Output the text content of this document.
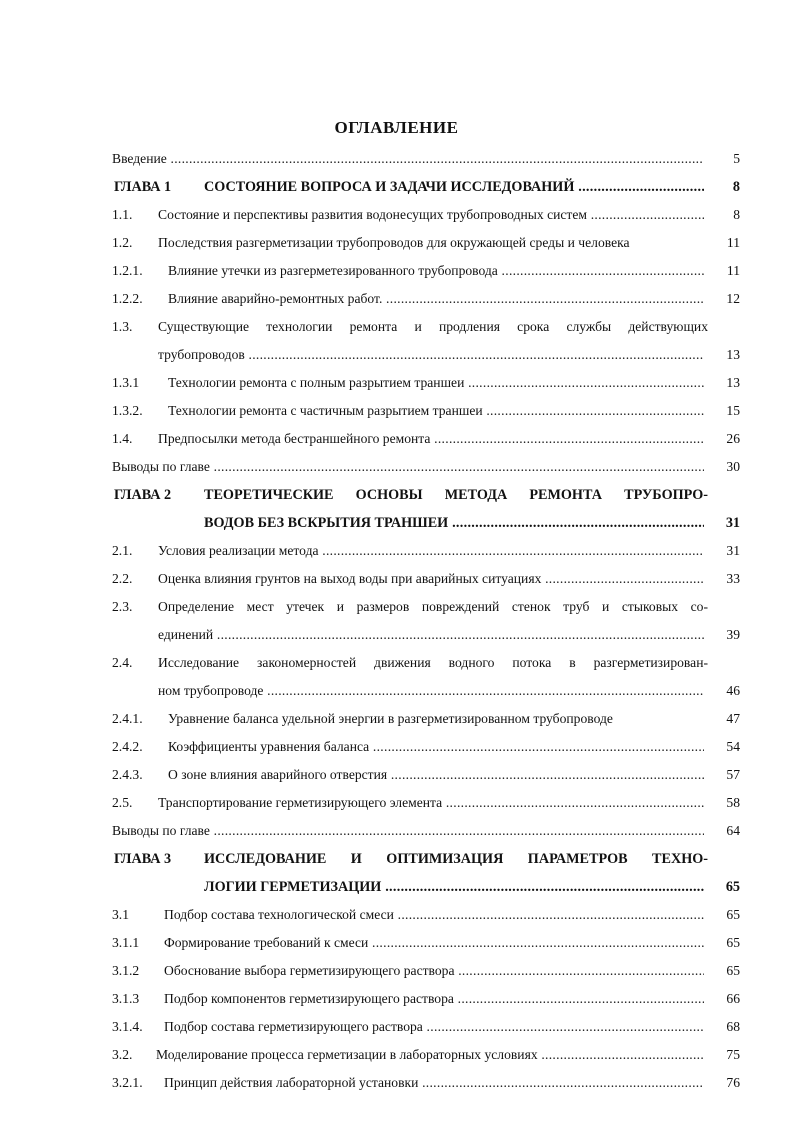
ОГЛАВЛЕНИЕ
Введение .....	5
ГЛАВА 1 СОСТОЯНИЕ ВОПРОСА И ЗАДАЧИ ИССЛЕДОВАНИЙ .....	8
1.1. Состояние и перспективы развития водонесущих трубопроводных систем .....	8
1.2. Последствия разгерметизации трубопроводов для окружающей среды и человека	11
1.2.1. Влияние утечки из разгерметезированного трубопровода .....	11
1.2.2. Влияние аварийно-ремонтных работ. .....	12
1.3. Существующие технологии ремонта и продления срока службы действующих
трубопроводов .....	13
1.3.1 Технологии ремонта с полным разрытием траншеи .....	13
1.3.2. Технологии ремонта с частичным разрытием траншеи .....	15
1.4. Предпосылки метода бестраншейного ремонта .....	26
Выводы по главе .....	30
ГЛАВА 2 ТЕОРЕТИЧЕСКИЕ ОСНОВЫ МЕТОДА РЕМОНТА ТРУБОПРО-
ВОДОВ БЕЗ ВСКРЫТИЯ ТРАНШЕИ .....	31
2.1. Условия реализации метода .....	31
2.2. Оценка влияния грунтов на выход воды при аварийных ситуациях .....	33
2.3. Определение мест утечек и размеров повреждений стенок труб и стыковых со-
единений .....	39
2.4. Исследование закономерностей движения водного потока в разгерметизирован-
ном трубопроводе .....	46
2.4.1. Уравнение баланса удельной энергии в разгерметизированном трубопроводе	47
2.4.2. Коэффициенты уравнения баланса .....	54
2.4.3. О зоне влияния аварийного отверстия .....	57
2.5. Транспортирование герметизирующего элемента .....	58
Выводы по главе .....	64
ГЛАВА 3 ИССЛЕДОВАНИЕ И ОПТИМИЗАЦИЯ ПАРАМЕТРОВ ТЕХНО-
ЛОГИИ ГЕРМЕТИЗАЦИИ .....	65
3.1	Подбор состава технологической смеси .....	65
3.1.1 Формирование требований к смеси .....	65
3.1.2 Обоснование выбора герметизирующего раствора .....	65
3.1.3 Подбор компонентов герметизирующего раствора .....	66
3.1.4. Подбор состава герметизирующего раствора .....	68
3.2. Моделирование процесса герметизации в лабораторных условиях .....	75
3.2.1. Принцип действия лабораторной установки .....	76
